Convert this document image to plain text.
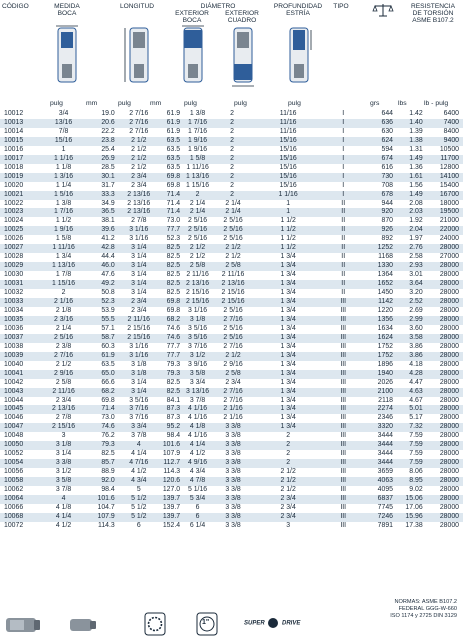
CÓDIGO	MEDIDA
BOCA
LONGITUD	DIÁMETRO
EXTERIOR
BOCA
EXTERIOR
CUADRO
PROFUNDIDAD
ESTRÍA
TIPO	RESISTENCIA
DE TORSIÓN
ASME B107.2
pulg	mm	pulg	mm	pulg	pulg	pulg	grs	lbs	lb - pulg
10012	3/4	19.0	2 7/16	61.9	1 3/8	2	11/16	I	644	1.42	6400
10013	13/16	20.6	2 7/16	61.9	1 7/16	2	11/16	I	636	1.40	7400
10014	7/8	22.2	2 7/16	61.9	1 7/16	2	11/16	I	630	1.39	8400
10015	15/16	23.8	2 1/2	63.5	1 9/16	2	15/16	I	624	1.38	9400
10016	1	25.4	2 1/2	63.5	1 9/16	2	15/16	I	594	1.31	10500
10017	1 1/16	26.9	2 1/2	63.5	1 5/8	2	15/16	I	674	1.49	11700
10018	1 1/8	28.5	2 1/2	63.5	1 11/16	2	15/16	I	616	1.36	12800
10019	1 3/16	30.1	2 3/4	69.8	1 13/16	2	15/16	I	730	1.61	14100
10020	1 1/4	31.7	2 3/4	69.8	1 15/16	2	15/16	I	708	1.56	15400
10021	1 5/16	33.3	2 13/16	71.4	2	2	1 1/16	I	678	1.49	16700
10022	1 3/8	34.9	2 13/16	71.4	2 1/4	2 1/4	1	II	944	2.08	18000
10023	1 7/16	36.5	2 13/16	71.4	2 1/4	2 1/4	1	II	920	2.03	19500
10024	1 1/2	38.1	2 7/8	73.0	2 5/16	2 5/16	1 1/2	II	870	1.92	21000
10025	1 9/16	39.6	3 1/16	77.7	2 5/16	2 5/16	1 1/2	II	926	2.04	22000
10026	1 5/8	41.2	3 1/16	52.3	2 5/16	2 5/16	1 1/2	II	892	1.97	24000
10027	1 11/16	42.8	3 1/4	82.5	2 1/2	2 1/2	1 1/2	II	1252	2.76	28000
10028	1 3/4	44.4	3 1/4	82.5	2 1/2	2 1/2	1 3/4	II	1168	2.58	27000
10029	1 13/16	46.0	3 1/4	82.5	2 5/8	2 5/8	1 3/4	II	1330	2.93	28000
10030	1 7/8	47.6	3 1/4	82.5	2 11/16	2 11/16	1 3/4	II	1364	3.01	28000
10031	1 15/16	49.2	3 1/4	82.5	2 13/16	2 13/16	1 3/4	II	1652	3.64	28000
10032	2	50.8	3 1/4	82.5	2 15/16	2 15/16	1 3/4	II	1450	3.20	28000
10033	2 1/16	52.3	2 3/4	69.8	2 15/16	2 15/16	1 3/4	III	1142	2.52	28000
10034	2 1/8	53.9	2 3/4	69.8	3 1/16	2 5/16	1 3/4	III	1220	2.69	28000
10035	2 3/16	55.5	2 11/16	68.2	3 1/8	2 7/16	1 3/4	III	1356	2.99	28000
10036	2 1/4	57.1	2 15/16	74.6	3 5/16	2 5/16	1 3/4	III	1634	3.60	28000
10037	2 5/16	58.7	2 15/16	74.6	3 5/16	2 5/16	1 3/4	III	1624	3.58	28000
10038	2 3/8	60.3	3 1/16	77.7	3 7/16	2 7/16	1 3/4	III	1752	3.86	28000
10039	2 7/16	61.9	3 1/16	77.7	3 1/2	2 1/2	1 3/4	III	1752	3.86	28000
10040	2 1/2	63.5	3 1/8	79.3	3 9/16	2 9/16	1 3/4	III	1896	4.18	28000
10041	2 9/16	65.0	3 1/8	79.3	3 5/8	2 5/8	1 3/4	III	1940	4.28	28000
10042	2 5/8	66.6	3 1/4	82.5	3 3/4	2 3/4	1 3/4	III	2026	4.47	28000
10043	2 11/16	68.2	3 1/4	82.5	3 13/16	2 7/16	1 3/4	III	2100	4.63	28000
10044	2 3/4	69.8	3 5/16	84.1	3 7/8	2 7/16	1 3/4	III	2118	4.67	28000
10045	2 13/16	71.4	3 7/16	87.3	4 1/16	2 1/16	1 3/4	III	2274	5.01	28000
10046	2 7/8	73.0	3 7/16	87.3	4 1/16	2 1/16	1 3/4	III	2346	5.17	28000
10047	2 15/16	74.6	3 3/4	95.2	4 1/8	3 3/8	1 3/4	III	3320	7.32	28000
10048	3	76.2	3 7/8	98.4	4 1/16	3 3/8	2	III	3444	7.59	28000
10050	3 1/8	79.3	4	101.6	4 1/4	3 3/8	2	III	3444	7.59	28000
10052	3 1/4	82.5	4 1/4	107.9	4 1/2	3 3/8	2	III	3444	7.59	28000
10054	3 3/8	85.7	4 7/16	112.7	4 9/16	3 3/8	2	III	3444	7.59	28000
10056	3 1/2	88.9	4 1/2	114.3	4 3/4	3 3/8	2 1/2	III	3659	8.06	28000
10058	3 5/8	92.0	4 3/4	120.6	4 7/8	3 3/8	2 1/2	III	4063	8.95	28000
10062	3 7/8	98.4	5	127.0	5 1/16	3 3/8	2 1/2	III	4095	9.02	28000
10064	4	101.6	5 1/2	139.7	5 3/4	3 3/8	2 3/4	III	6837	15.06	28000
10066	4 1/8	104.7	5 1/2	139.7	6	3 3/8	2 3/4	III	7745	17.06	28000
10068	4 1/4	107.9	5 1/2	139.7	6	3 3/8	2 3/4	III	7246	15.96	28000
10072	4 1/2	114.3	6	152.4	6 1/4	3 3/8	3	III	7891	17.38	28000
1"	SUPER	DRIVE
NORMAS: ASME B107.2
FEDERAL GGG-W-660
ISO 1174 y 2725 DIN 3129
